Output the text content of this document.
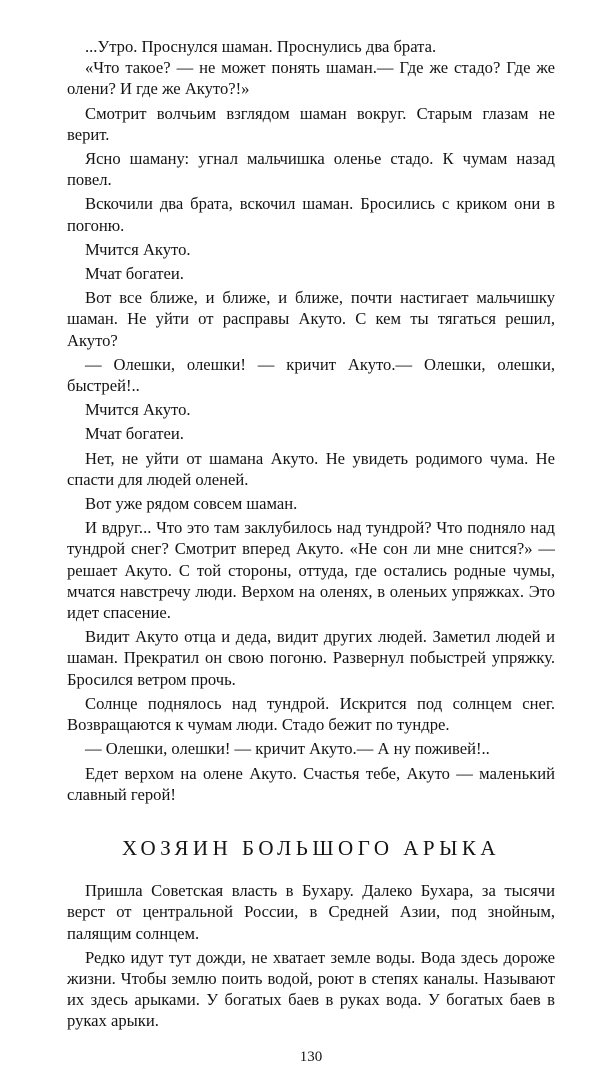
...Утро. Проснулся шаман. Проснулись два брата.

«Что такое? — не может понять шаман.— Где же стадо? Где же олени? И где же Акуто?!»

Смотрит волчьим взглядом шаман вокруг. Старым глазам не верит.

Ясно шаману: угнал мальчишка оленье стадо. К чумам назад повел.

Вскочили два брата, вскочил шаман. Бросились с криком они в погоню.

Мчится Акуто.

Мчат богатеи.

Вот все ближе, и ближе, и ближе, почти настигает мальчишку шаман. Не уйти от расправы Акуто. С кем ты тягаться решил, Акуто?

— Олешки, олешки! — кричит Акуто.— Олешки, олешки, быстрей!..

Мчится Акуто.

Мчат богатеи.

Нет, не уйти от шамана Акуто. Не увидеть родимого чума. Не спасти для людей оленей.

Вот уже рядом совсем шаман.

И вдруг... Что это там заклубилось над тундрой? Что подняло над тундрой снег? Смотрит вперед Акуто. «Не сон ли мне снится?» — решает Акуто. С той стороны, оттуда, где остались родные чумы, мчатся навстречу люди. Верхом на оленях, в оленьих упряжках. Это идет спасение.

Видит Акуто отца и деда, видит других людей. Заметил людей и шаман. Прекратил он свою погоню. Развернул побыстрей упряжку. Бросился ветром прочь.

Солнце поднялось над тундрой. Искрится под солнцем снег. Возвращаются к чумам люди. Стадо бежит по тундре.

— Олешки, олешки! — кричит Акуто.— А ну поживей!..

Едет верхом на олене Акуто. Счастья тебе, Акуто — маленький славный герой!

ХОЗЯИН БОЛЬШОГО АРЫКА

Пришла Советская власть в Бухару. Далеко Бухара, за тысячи верст от центральной России, в Средней Азии, под знойным, палящим солнцем.

Редко идут тут дожди, не хватает земле воды. Вода здесь дороже жизни. Чтобы землю поить водой, роют в степях каналы. Называют их здесь арыками. У богатых баев в руках вода. У богатых баев в руках арыки.

130
